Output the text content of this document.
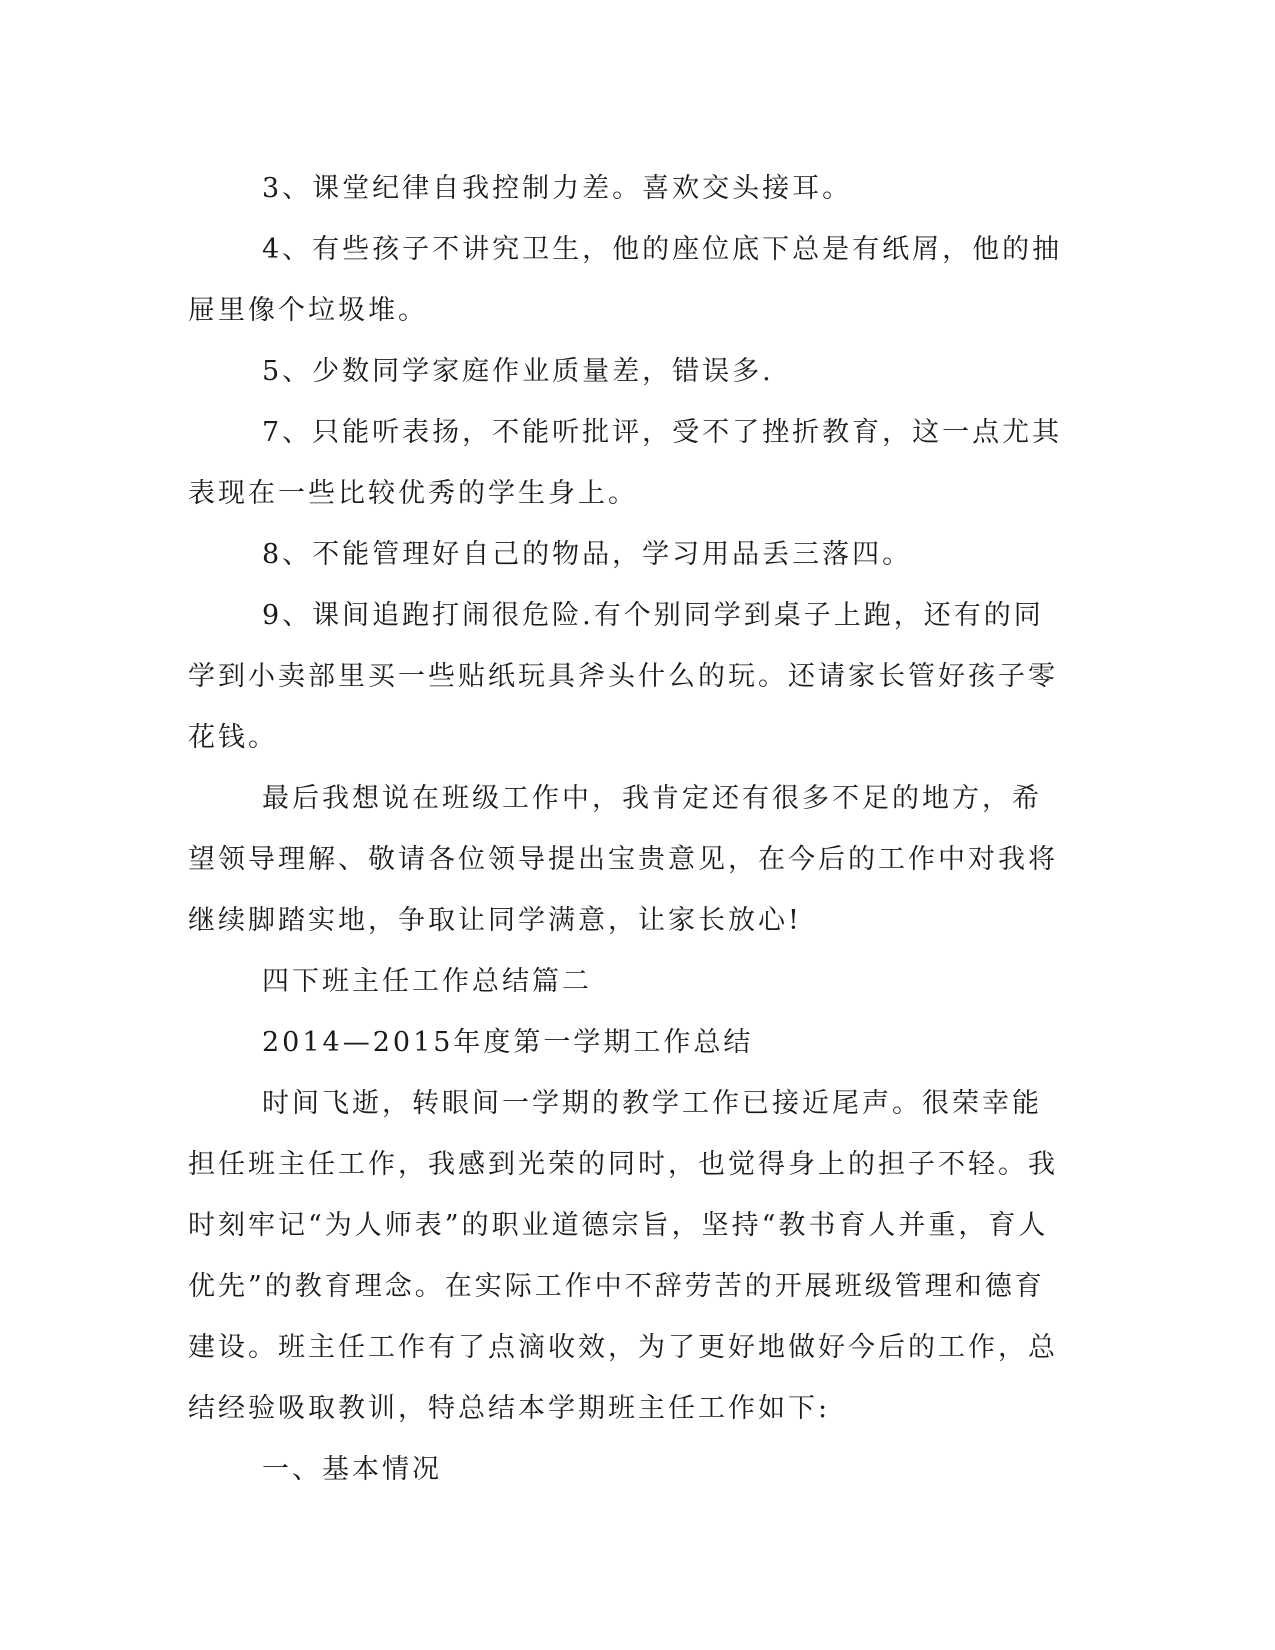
3、课堂纪律自我控制力差。喜欢交头接耳。

4、有些孩子不讲究卫生，他的座位底下总是有纸屑，他的抽屉里像个垃圾堆。

5、少数同学家庭作业质量差，错误多.

7、只能听表扬，不能听批评，受不了挫折教育，这一点尤其表现在一些比较优秀的学生身上。

8、不能管理好自己的物品，学习用品丢三落四。

9、课间追跑打闹很危险.有个别同学到桌子上跑，还有的同学到小卖部里买一些贴纸玩具斧头什么的玩。还请家长管好孩子零花钱。

最后我想说在班级工作中，我肯定还有很多不足的地方，希望领导理解、敬请各位领导提出宝贵意见，在今后的工作中对我将继续脚踏实地，争取让同学满意，让家长放心!

四下班主任工作总结篇二

2014—2015年度第一学期工作总结

时间飞逝，转眼间一学期的教学工作已接近尾声。很荣幸能担任班主任工作，我感到光荣的同时，也觉得身上的担子不轻。我时刻牢记“为人师表”的职业道德宗旨，坚持“教书育人并重，育人优先”的教育理念。在实际工作中不辞劳苦的开展班级管理和德育建设。班主任工作有了点滴收效，为了更好地做好今后的工作，总结经验吸取教训，特总结本学期班主任工作如下:

一、基本情况
